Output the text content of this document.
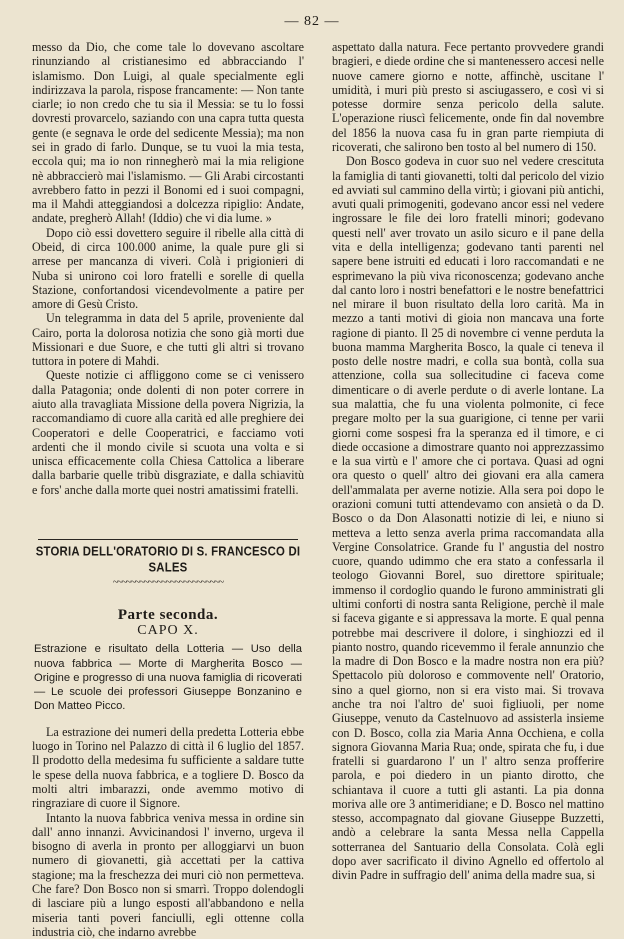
— 82 —

messo da Dio, che come tale lo dovevano ascoltare rinunziando al cristianesimo ed abbracciando l' islamismo. Don Luigi, al quale specialmente egli indirizzava la parola, rispose francamente: — Non tante ciarle; io non credo che tu sia il Messia: se tu lo fossi dovresti provarcelo, saziando con una capra tutta questa gente (e segnava le orde del sedicente Messia); ma non sei in grado di farlo. Dunque, se tu vuoi la mia testa, eccola qui; ma io non rinnegherò mai la mia religione nè abbraccierò mai l'islamismo. — Gli Arabi circostanti avrebbero fatto in pezzi il Bonomi ed i suoi compagni, ma il Mahdi atteggiandosi a dolcezza ripiglio: Andate, andate, pregherò Allah! (Iddio) che vi dia lume. »

Dopo ciò essi dovettero seguire il ribelle alla città di Obeid, di circa 100.000 anime, la quale pure gli si arrese per mancanza di viveri. Colà i prigionieri di Nuba si unirono coi loro fratelli e sorelle di quella Stazione, confortandosi vicendevolmente a patire per amore di Gesù Cristo.

Un telegramma in data del 5 aprile, proveniente dal Cairo, porta la dolorosa notizia che sono già morti due Missionari e due Suore, e che tutti gli altri si trovano tuttora in potere di Mahdi.

Queste notizie ci affliggono come se ci venissero dalla Patagonia; onde dolenti di non poter correre in aiuto alla travagliata Missione della povera Nigrizia, la raccomandiamo di cuore alla carità ed alle preghiere dei Cooperatori e delle Cooperatrici, e facciamo voti ardenti che il mondo civile si scuota una volta e si unisca efficacemente colla Chiesa Cattolica a liberare dalla barbarie quelle tribù disgraziate, e dalla schiavitù e fors' anche dalla morte quei nostri amatissimi fratelli.

STORIA DELL'ORATORIO DI S. FRANCESCO DI SALES
~~~~~~~~~~~~~~~~~~~~~~~~~
Parte seconda.
CAPO X.
Estrazione e risultato della Lotteria — Uso della nuova fabbrica — Morte di Margherita Bosco — Origine e progresso di una nuova famiglia di ricoverati — Le scuole dei professori Giuseppe Bonzanino e Don Matteo Picco.

La estrazione dei numeri della predetta Lotteria ebbe luogo in Torino nel Palazzo di città il 6 luglio del 1857. Il prodotto della medesima fu sufficiente a saldare tutte le spese della nuova fabbrica, e a togliere D. Bosco da molti altri imbarazzi, onde avemmo motivo di ringraziare di cuore il Signore.

Intanto la nuova fabbrica veniva messa in ordine sin dall' anno innanzi. Avvicinandosi l' inverno, urgeva il bisogno di averla in pronto per alloggiarvi un buon numero di giovanetti, già accettati per la cattiva stagione; ma la freschezza dei muri ciò non permetteva. Che fare? Don Bosco non si smarrì. Troppo dolendogli di lasciare più a lungo esposti all'abbandono e nella miseria tanti poveri fanciulli, egli ottenne colla industria ciò, che indarno avrebbe

aspettato dalla natura. Fece pertanto provvedere grandi bragieri, e diede ordine che si mantenessero accesi nelle nuove camere giorno e notte, affinchè, uscitane l' umidità, i muri più presto si asciugassero, e così vi si potesse dormire senza pericolo della salute. L'operazione riuscì felicemente, onde fin dal novembre del 1856 la nuova casa fu in gran parte riempiuta di ricoverati, che salirono ben tosto al bel numero di 150.

Don Bosco godeva in cuor suo nel vedere crescituta la famiglia di tanti giovanetti, tolti dal pericolo del vizio ed avviati sul cammino della virtù; i giovani più antichi, avuti quali primogeniti, godevano ancor essi nel vedere ingrossare le file dei loro fratelli minori; godevano questi nell' aver trovato un asilo sicuro e il pane della vita e della intelligenza; godevano tanti parenti nel sapere bene istruiti ed educati i loro raccomandati e ne esprimevano la più viva riconoscenza; godevano anche dal canto loro i nostri benefattori e le nostre benefattrici nel mirare il buon risultato della loro carità. Ma in mezzo a tanti motivi di gioia non mancava una forte ragione di pianto. Il 25 di novembre ci venne perduta la buona mamma Margherita Bosco, la quale ci teneva il posto delle nostre madri, e colla sua bontà, colla sua attenzione, colla sua sollecitudine ci faceva come dimenticare o di averle perdute o di averle lontane. La sua malattia, che fu una violenta polmonite, ci fece pregare molto per la sua guarigione, ci tenne per varii giorni come sospesi fra la speranza ed il timore, e ci diede occasione a dimostrare quanto noi apprezzassimo e la sua virtù e l' amore che ci portava. Quasi ad ogni ora questo o quell' altro dei giovani era alla camera dell'ammalata per averne notizie. Alla sera poi dopo le orazioni comuni tutti attendevamo con ansietà o da D. Bosco o da Don Alasonatti notizie di lei, e niuno si metteva a letto senza averla prima raccomandata alla Vergine Consolatrice. Grande fu l' angustia del nostro cuore, quando udimmo che era stato a confessarla il teologo Giovanni Borel, suo direttore spirituale; immenso il cordoglio quando le furono amministrati gli ultimi conforti di nostra santa Religione, perchè il male si faceva gigante e si appressava la morte. E qual penna potrebbe mai descrivere il dolore, i singhiozzi ed il pianto nostro, quando ricevemmo il ferale annunzio che la madre di Don Bosco e la madre nostra non era più? Spettacolo più doloroso e commovente nell' Oratorio, sino a quel giorno, non si era visto mai. Si trovava anche tra noi l'altro de' suoi figliuoli, per nome Giuseppe, venuto da Castelnuovo ad assisterla insieme con D. Bosco, colla zia Maria Anna Occhiena, e colla signora Giovanna Maria Rua; onde, spirata che fu, i due fratelli si guardarono l' un l' altro senza profferire parola, e poi diedero in un pianto dirotto, che schiantava il cuore a tutti gli astanti. La pia donna moriva alle ore 3 antimeridiane; e D. Bosco nel mattino stesso, accompagnato dal giovane Giuseppe Buzzetti, andò a celebrare la santa Messa nella Cappella sotterranea del Santuario della Consolata. Colà egli dopo aver sacrificato il divino Agnello ed offertolo al divin Padre in suffragio dell' anima della madre sua, si
